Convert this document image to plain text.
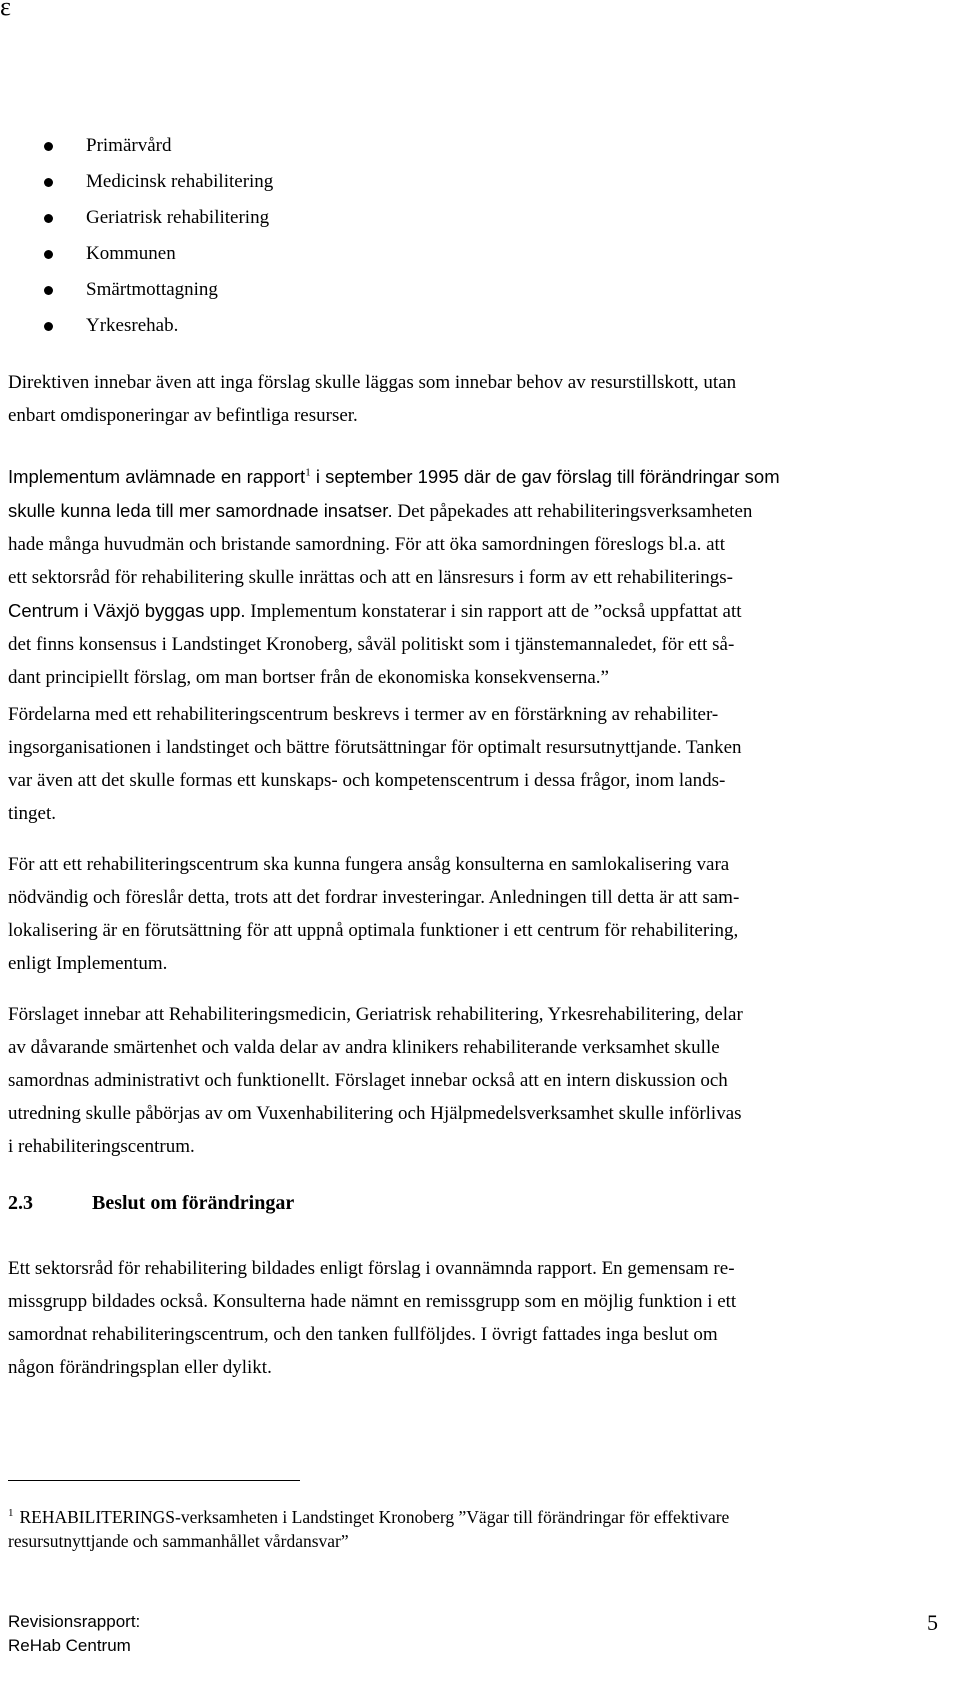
ε
Primärvård
Medicinsk rehabilitering
Geriatrisk rehabilitering
Kommunen
Smärtmottagning
Yrkesrehab.

Direktiven innebar även att inga förslag skulle läggas som innebar behov av resurstillskott, utan
enbart omdisponeringar av befintliga resurser.

Implementum avlämnade en rapport$^1$ i september 1995 där de gav förslag till förändringar som
skulle kunna leda till mer samordnade insatser. Det påpekades att rehabiliteringsverksamheten
hade många huvudmän och bristande samordning. För att öka samordningen föreslogs bl.a. att
ett sektorsråd för rehabilitering skulle inrättas och att en länsresurs i form av ett rehabiliterings-
Centrum i Växjö byggas upp. Implementum konstaterar i sin rapport att de ”också uppfattat att
det finns konsensus i Landstinget Kronoberg, såväl politiskt som i tjänstemannaledet, för ett så-
dant principiellt förslag, om man bortser från de ekonomiska konsekvenserna.”

Fördelarna med ett rehabiliteringscentrum beskrevs i termer av en förstärkning av rehabiliter-
ingsorganisationen i landstinget och bättre förutsättningar för optimalt resursutnyttjande. Tanken
var även att det skulle formas ett kunskaps- och kompetenscentrum i dessa frågor, inom lands-
tinget.

För att ett rehabiliteringscentrum ska kunna fungera ansåg konsulterna en samlokalisering vara
nödvändig och föreslår detta, trots att det fordrar investeringar. Anledningen till detta är att sam-
lokalisering är en förutsättning för att uppnå optimala funktioner i ett centrum för rehabilitering,
enligt Implementum.

Förslaget innebar att Rehabiliteringsmedicin, Geriatrisk rehabilitering, Yrkesrehabilitering, delar
av dåvarande smärtenhet och valda delar av andra klinikers rehabiliterande verksamhet skulle
samordnas administrativt och funktionellt. Förslaget innebar också att en intern diskussion och
utredning skulle påbörjas av om Vuxenhabilitering och Hjälpmedelsverksamhet skulle införlivas
i rehabiliteringscentrum.

2.3	Beslut om förändringar

Ett sektorsråd för rehabilitering bildades enligt förslag i ovannämnda rapport. En gemensam re-
missgrupp bildades också. Konsulterna hade nämnt en remissgrupp som en möjlig funktion i ett
samordnat rehabiliteringscentrum, och den tanken fullföljdes. I övrigt fattades inga beslut om
någon förändringsplan eller dylikt.

$^1$ REHABILITERINGS-verksamheten i Landstinget Kronoberg ”Vägar till förändringar för effektivare
resursutnyttjande och sammanhållet vårdansvar”
Revisionsrapport:
ReHab Centrum
5
